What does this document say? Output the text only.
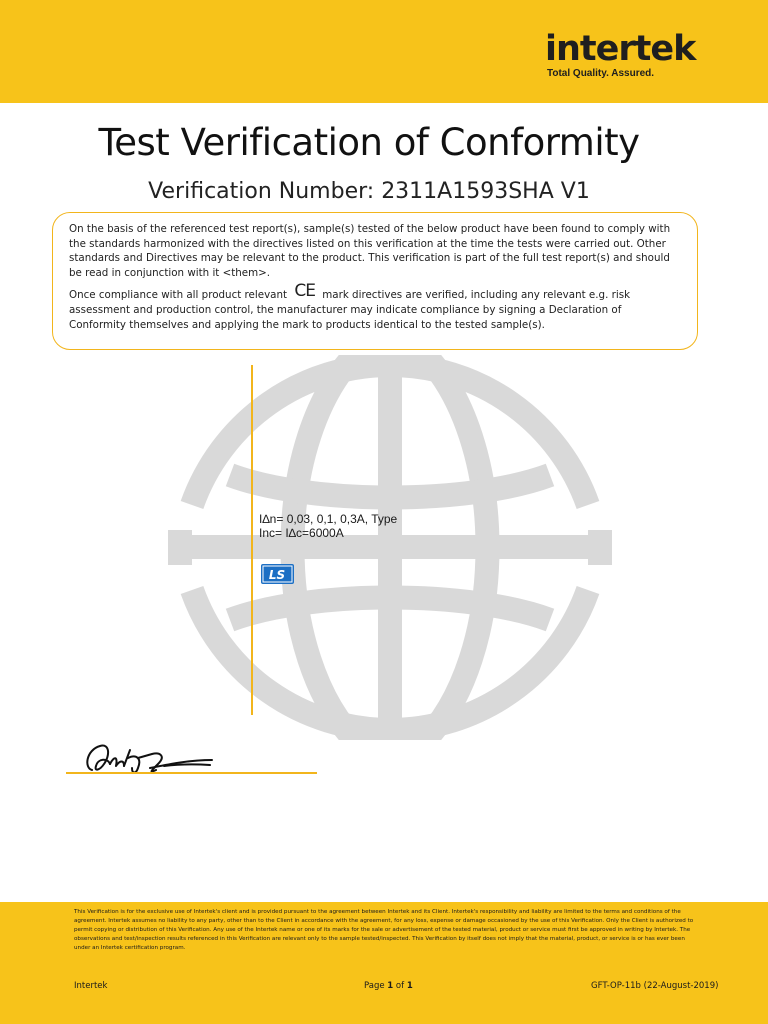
intertek
Total Quality. Assured.
Test Verification of Conformity
Verification Number: 2311A1593SHA V1

On the basis of the referenced test report(s), sample(s) tested of the below product have been found to comply with the standards harmonized with the directives listed on this verification at the time the tests were carried out. Other standards and Directives may be relevant to the product. This verification is part of the full test report(s) and should be read in conjunction with it <them>.

Once compliance with all product relevant CE mark directives are verified, including any relevant e.g. risk assessment and production control, the manufacturer may indicate compliance by signing a Declaration of Conformity themselves and applying the mark to products identical to the tested sample(s).

I∆n= 0,03, 0,1, 0,3A, Type
Inc= I∆c=6000A
LS
This Verification is for the exclusive use of Intertek's client and is provided pursuant to the agreement between Intertek and its Client. Intertek's responsibility and liability are limited to the terms and conditions of the agreement. Intertek assumes no liability to any party, other than to the Client in accordance with the agreement, for any loss, expense or damage occasioned by the use of this Verification. Only the Client is authorized to permit copying or distribution of this Verification. Any use of the Intertek name or one of its marks for the sale or advertisement of the tested material, product or service must first be approved in writing by Intertek. The observations and test/inspection results referenced in this Verification are relevant only to the sample tested/inspected. This Verification by itself does not imply that the material, product, or service is or has ever been under an Intertek certification program.
Intertek	Page 1 of 1	GFT-OP-11b (22-August-2019)
